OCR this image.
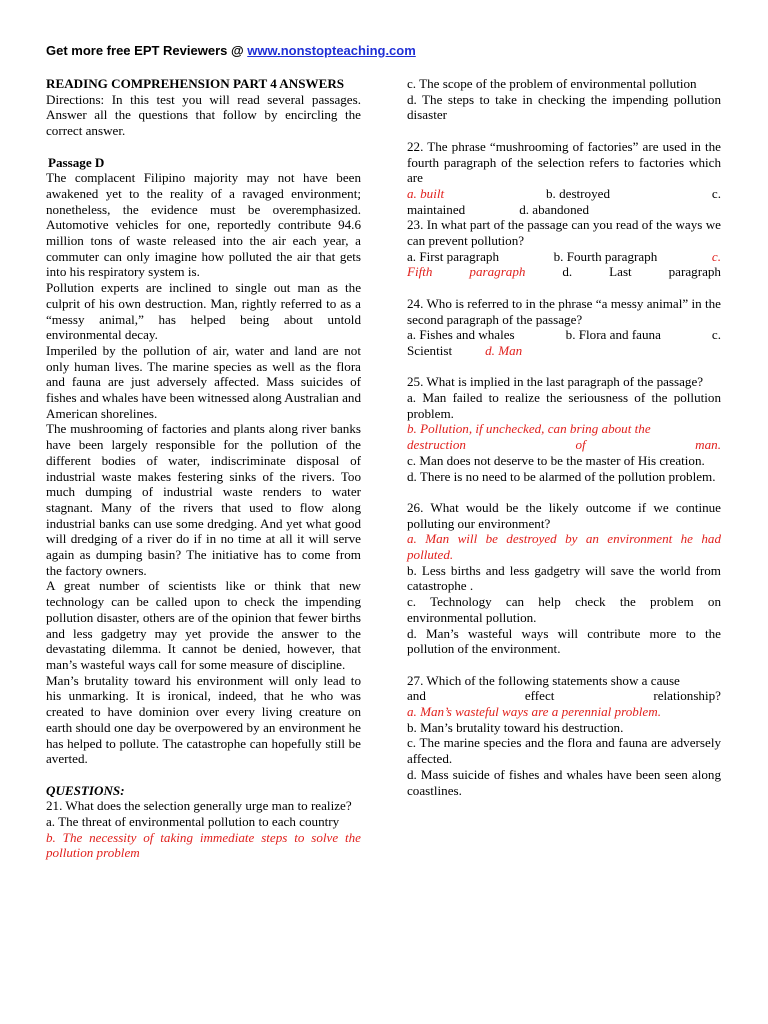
Get more free EPT Reviewers @ www.nonstopteaching.com

READING COMPREHENSION PART 4 ANSWERS

Directions: In this test you will read several passages. Answer all the questions that follow by encircling the correct answer.

Passage D

The complacent Filipino majority may not have been awakened yet to the reality of a ravaged environment; nonetheless, the evidence must be overemphasized. Automotive vehicles for one, reportedly contribute 94.6 million tons of waste released into the air each year, a commuter can only imagine how polluted the air that gets into his respiratory system is.

Pollution experts are inclined to single out man as the culprit of his own destruction. Man, rightly referred to as a “messy animal,” has helped being about untold environmental decay.

Imperiled by the pollution of air, water and land are not only human lives. The marine species as well as the flora and fauna are just adversely affected. Mass suicides of fishes and whales have been witnessed along Australian and American shorelines.

The mushrooming of factories and plants along river banks have been largely responsible for the pollution of the different bodies of water, indiscriminate disposal of industrial waste makes festering sinks of the rivers. Too much dumping of industrial waste renders to water stagnant. Many of the rivers that used to flow along industrial banks can use some dredging. And yet what good will dredging of a river do if in no time at all it will serve again as dumping basin? The initiative has to come from the factory owners.

A great number of scientists like or think that new technology can be called upon to check the impending pollution disaster, others are of the opinion that fewer births and less gadgetry may yet provide the answer to the devastating dilemma. It cannot be denied, however, that man’s wasteful ways call for some measure of discipline.

Man’s brutality toward his environment will only lead to his unmarking. It is ironical, indeed, that he who was created to have dominion over every living creature on earth should one day be overpowered by an environment he has helped to pollute. The catastrophe can hopefully still be averted.

QUESTIONS:

21. What does the selection generally urge man to realize?

a. The threat of environmental pollution to each country

b. The necessity of taking immediate steps to solve the pollution problem

c. The scope of the problem of environmental pollution

d. The steps to take in checking the impending pollution disaster

22. The phrase “mushrooming of factories” are used in the fourth paragraph of the selection refers to factories which are

a. built	b. destroyed	c.
maintained	d. abandoned

23. In what part of the passage can you read of the ways we can prevent pollution?

a. First paragraph	b. Fourth paragraph	c.
Fifth	paragraph	d.	Last	paragraph

24. Who is referred to in the phrase “a messy animal” in the second paragraph of the passage?

a. Fishes and whales	b. Flora and fauna	c.
Scientist	d. Man

25. What is implied in the last paragraph of the passage?

a. Man failed to realize the seriousness of the pollution problem.

b. Pollution, if unchecked, can bring about the

destruction	of	man.

c. Man does not deserve to be the master of His creation.

d. There is no need to be alarmed of the pollution problem.

26. What would be the likely outcome if we continue polluting our environment?

a. Man will be destroyed by an environment he had polluted.

b. Less births and less gadgetry will save the world from catastrophe .

c. Technology can help check the problem on environmental pollution.

d. Man’s wasteful ways will contribute more to the pollution of the environment.

27. Which of the following statements show a cause

and	effect	relationship?

a. Man’s wasteful ways are a perennial problem.

b. Man’s brutality toward his destruction.

c. The marine species and the flora and fauna are adversely affected.

d. Mass suicide of fishes and whales have been seen along coastlines.
